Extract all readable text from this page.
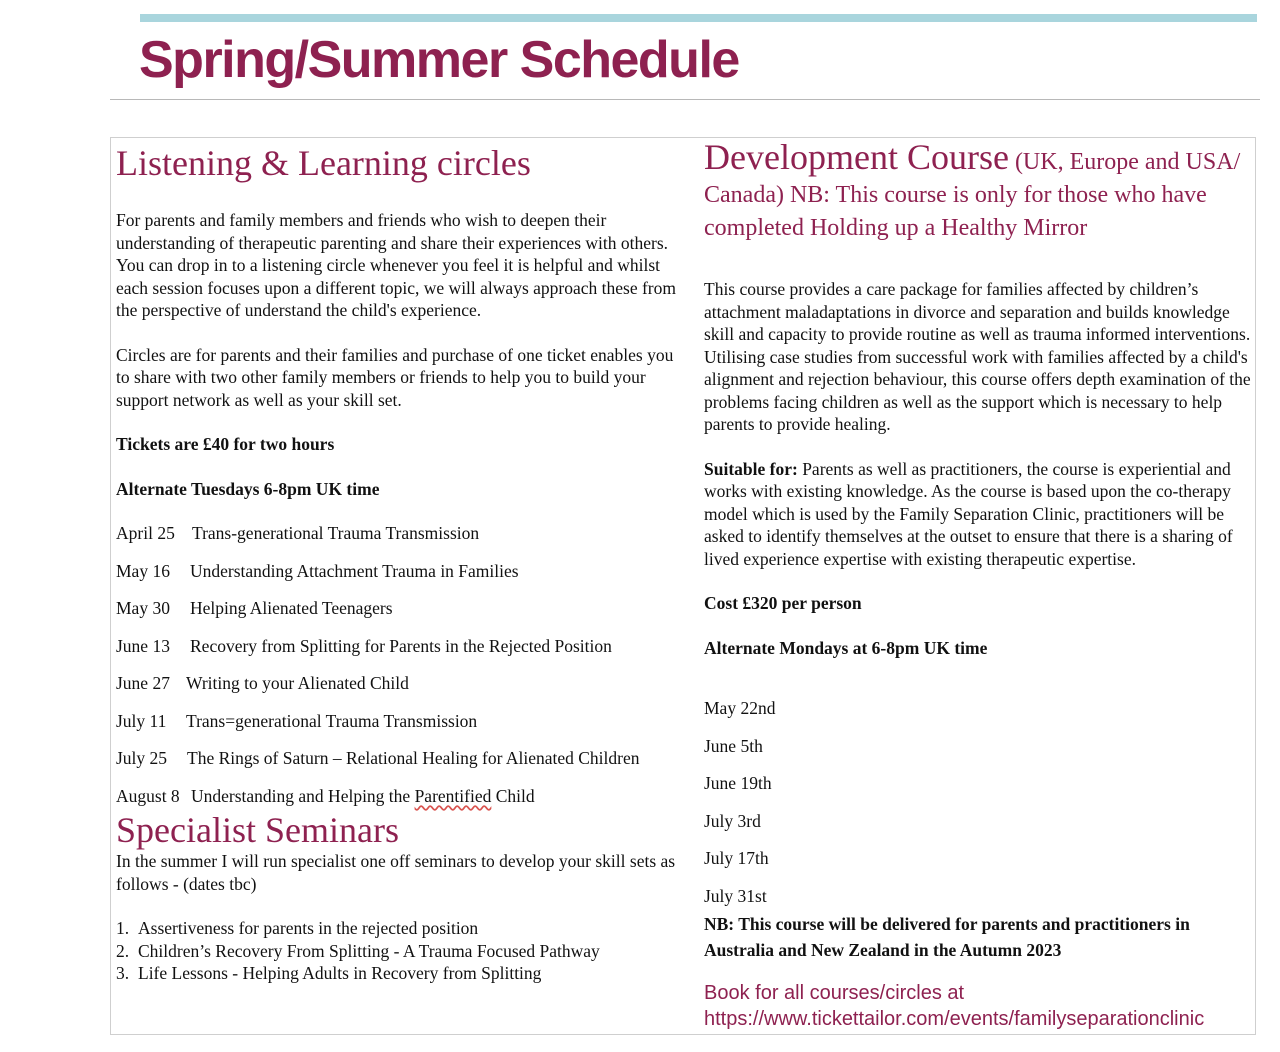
Spring/Summer Schedule
Listening & Learning circles

For parents and family members and friends who wish to deepen their understanding of therapeutic parenting and share their experiences with others. You can drop in to a listening circle whenever you feel it is helpful and whilst each session focuses upon a different topic, we will always approach these from the perspective of understand the child's experience.

Circles are for parents and their families and purchase of one ticket enables you to share with two other family members or friends to help you to build your support network as well as your skill set.

Tickets are £40 for two hours

Alternate Tuesdays 6-8pm UK time

April 25 Trans-generational Trauma Transmission
May 16 Understanding Attachment Trauma in Families
May 30 Helping Alienated Teenagers
June 13 Recovery from Splitting for Parents in the Rejected Position
June 27 Writing to your Alienated Child
July 11 Trans=generational Trauma Transmission
July 25 The Rings of Saturn – Relational Healing for Alienated Children
August 8 Understanding and Helping the Parentified Child
Specialist Seminars

In the summer I will run specialist one off seminars to develop your skill sets as follows - (dates tbc)

1. Assertiveness for parents in the rejected position
2. Children’s Recovery From Splitting - A Trauma Focused Pathway
3. Life Lessons - Helping Adults in Recovery from Splitting
Development Course (UK, Europe and USA/ Canada) NB: This course is only for those who have completed Holding up a Healthy Mirror

This course provides a care package for families affected by children’s attachment maladaptations in divorce and separation and builds knowledge skill and capacity to provide routine as well as trauma informed interventions. Utilising case studies from successful work with families affected by a child's alignment and rejection behaviour, this course offers depth examination of the problems facing children as well as the support which is necessary to help parents to provide healing.

Suitable for: Parents as well as practitioners, the course is experiential and works with existing knowledge. As the course is based upon the co-therapy model which is used by the Family Separation Clinic, practitioners will be asked to identify themselves at the outset to ensure that there is a sharing of lived experience expertise with existing therapeutic expertise.

Cost £320 per person

Alternate Mondays at 6-8pm UK time

May 22nd
June 5th
June 19th
July 3rd
July 17th
July 31st

NB: This course will be delivered for parents and practitioners in Australia and New Zealand in the Autumn 2023

Book for all courses/circles at https://www.tickettailor.com/events/familyseparationclinic
